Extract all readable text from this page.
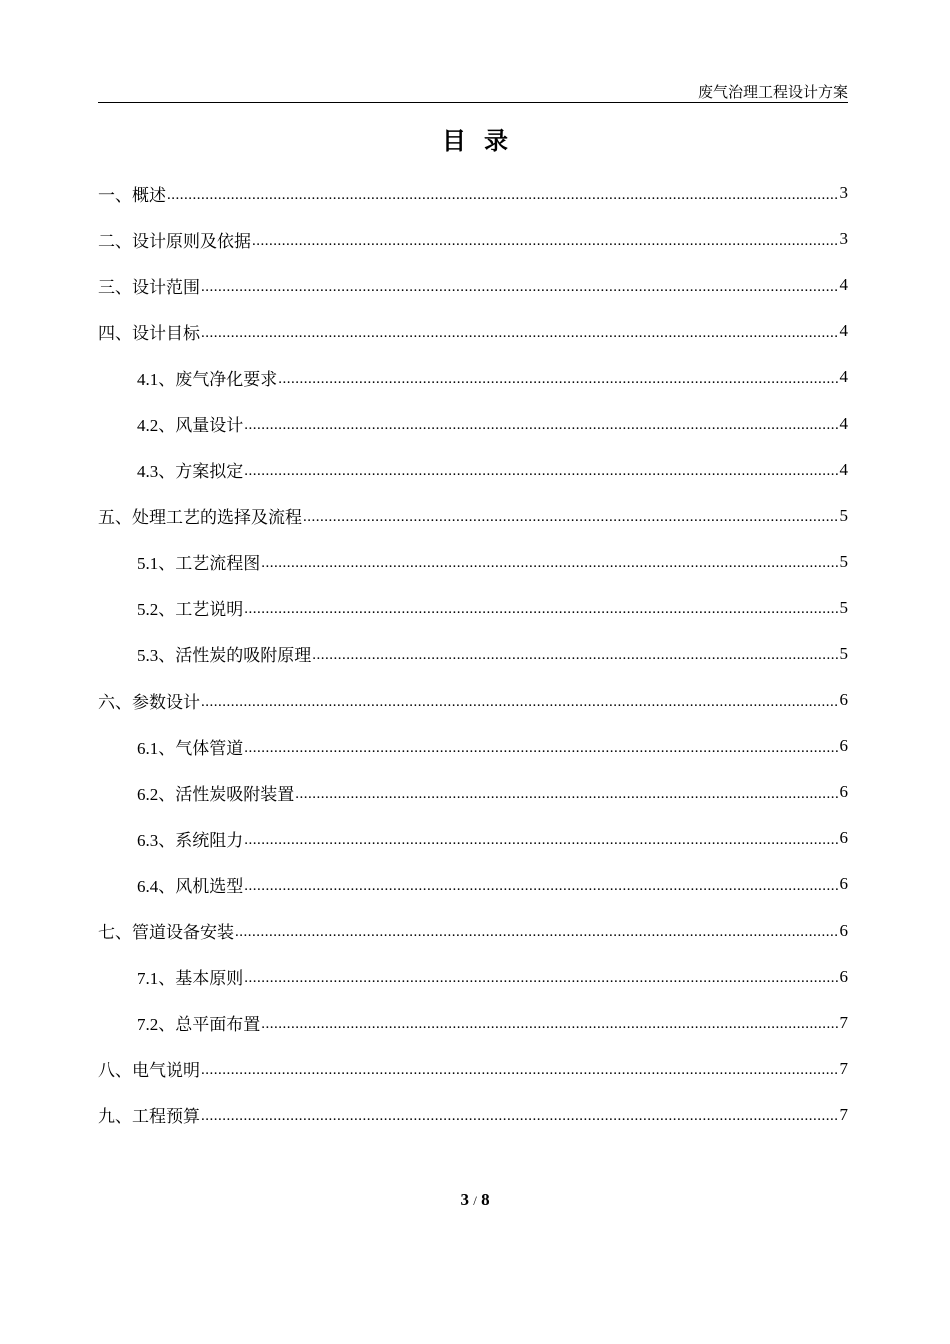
废气治理工程设计方案
目录
一、概述 .....	3
二、设计原则及依据 .....	3
三、设计范围 .....	4
四、设计目标 .....	4
4.1、废气净化要求 .....	4
4.2、风量设计 .....	4
4.3、方案拟定 .....	4
五、处理工艺的选择及流程 .....	5
5.1、工艺流程图 .....	5
5.2、工艺说明 .....	5
5.3、活性炭的吸附原理 .....	5
六、参数设计 .....	6
6.1、气体管道 .....	6
6.2、活性炭吸附装置 .....	6
6.3、系统阻力 .....	6
6.4、风机选型 .....	6
七、管道设备安装 .....	6
7.1、基本原则 .....	6
7.2、总平面布置 .....	7
八、电气说明 .....	7
九、工程预算 .....	7
3 / 8
